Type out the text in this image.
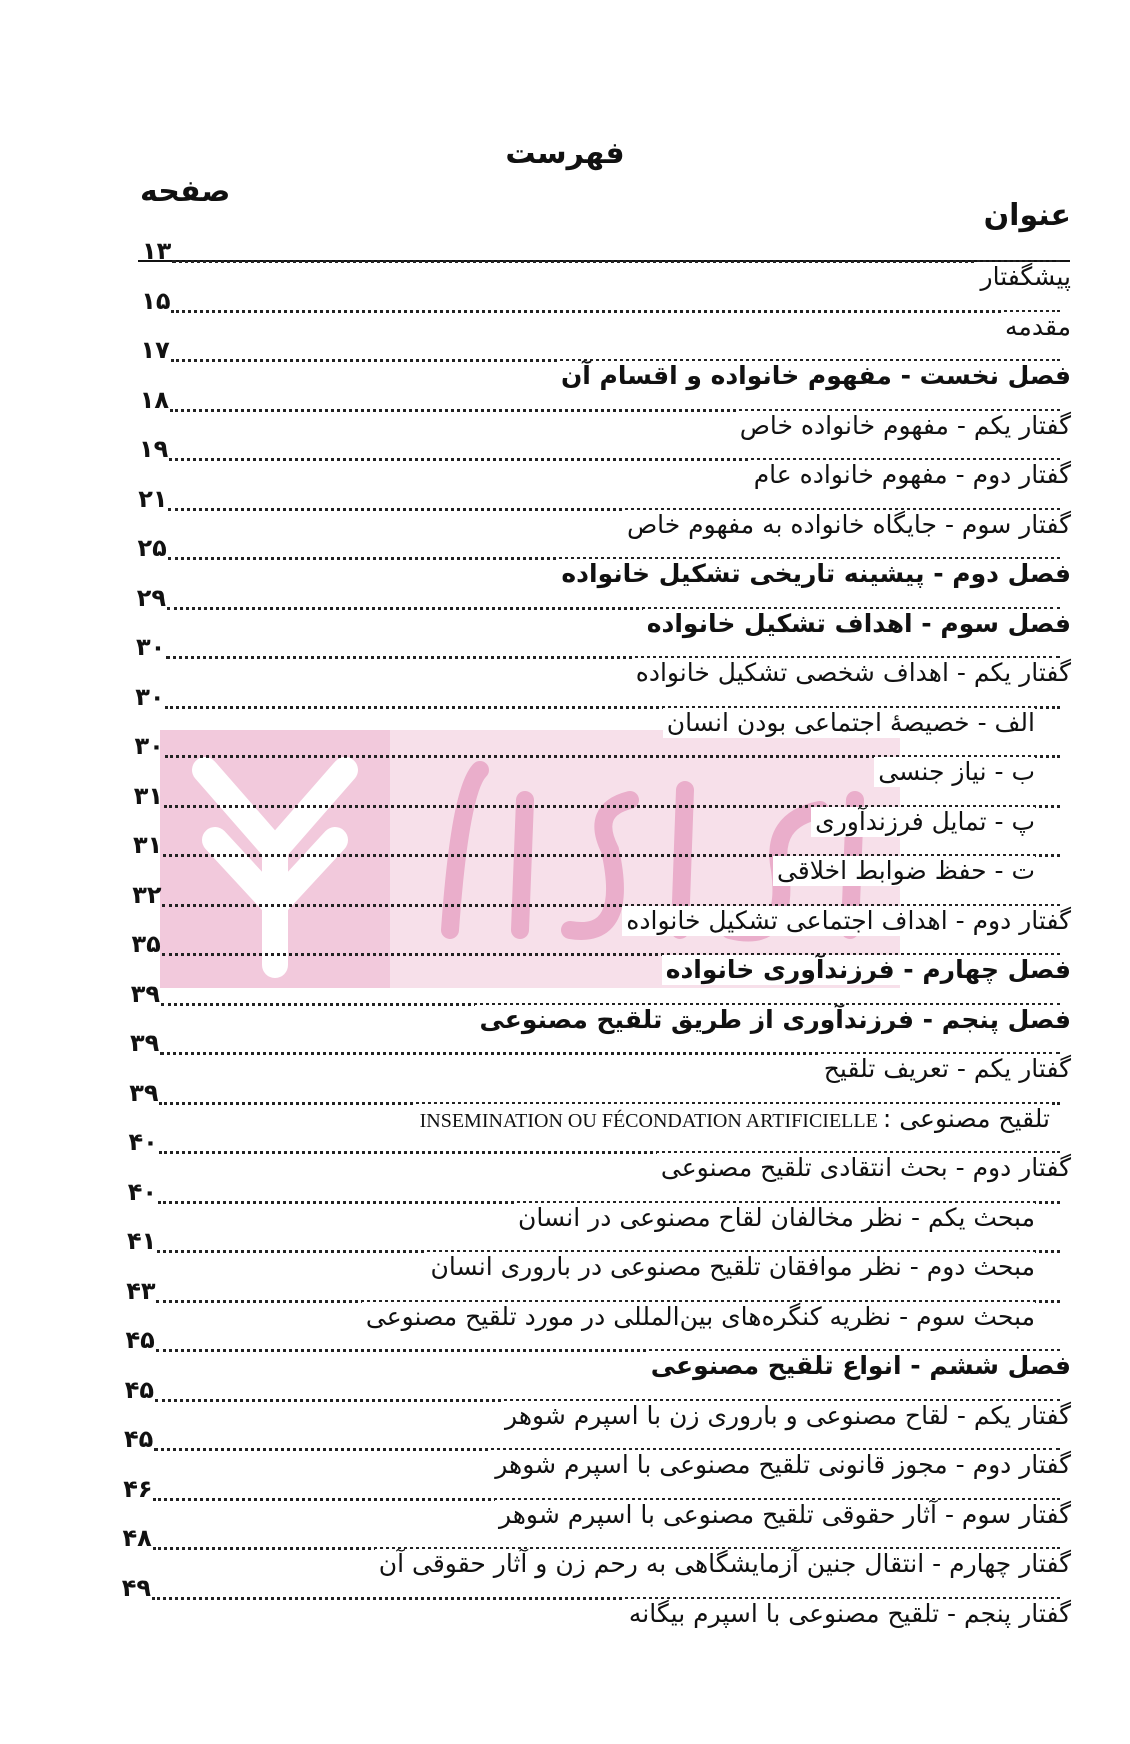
فهرست
صفحه
عنوان
۱۳
پیشگفتار
۱۵
مقدمه
۱۷
فصل نخست - مفهوم خانواده و اقسام آن
۱۸
گفتار یکم - مفهوم خانواده خاص
۱۹
گفتار دوم - مفهوم خانواده عام
۲۱
گفتار سوم - جایگاه خانواده به مفهوم خاص
۲۵
فصل دوم - پیشینه تاریخی تشکیل خانواده
۲۹
فصل سوم - اهداف تشکیل خانواده
۳۰
گفتار یکم - اهداف شخصی تشکیل خانواده
۳۰
الف - خصیصهٔ اجتماعی بودن انسان
۳۰
ب - نیاز جنسی
۳۱
پ - تمایل فرزندآوری
۳۱
ت - حفظ ضوابط اخلاقی
۳۲
گفتار دوم - اهداف اجتماعی تشکیل خانواده
۳۵
فصل چهارم - فرزندآوری خانواده
۳۹
فصل پنجم - فرزندآوری از طریق تلقیح مصنوعی
۳۹
گفتار یکم - تعریف تلقیح
۳۹
تلقیح مصنوعی : INSEMINATION OU FÉCONDATION ARTIFICIELLE
۴۰
گفتار دوم - بحث انتقادی تلقیح مصنوعی
۴۰
مبحث یکم - نظر مخالفان لقاح مصنوعی در انسان
۴۱
مبحث دوم - نظر موافقان تلقیح مصنوعی در باروری انسان
۴۳
مبحث سوم - نظریه کنگره‌های بین‌المللی در مورد تلقیح مصنوعی
۴۵
فصل ششم - انواع تلقیح مصنوعی
۴۵
گفتار یکم - لقاح مصنوعی و باروری زن با اسپرم شوهر
۴۵
گفتار دوم - مجوز قانونی تلقیح مصنوعی با اسپرم شوهر
۴۶
گفتار سوم - آثار حقوقی تلقیح مصنوعی با اسپرم شوهر
۴۸
گفتار چهارم - انتقال جنین آزمایشگاهی به رحم زن و آثار حقوقی آن
۴۹
گفتار پنجم - تلقیح مصنوعی با اسپرم بیگانه
